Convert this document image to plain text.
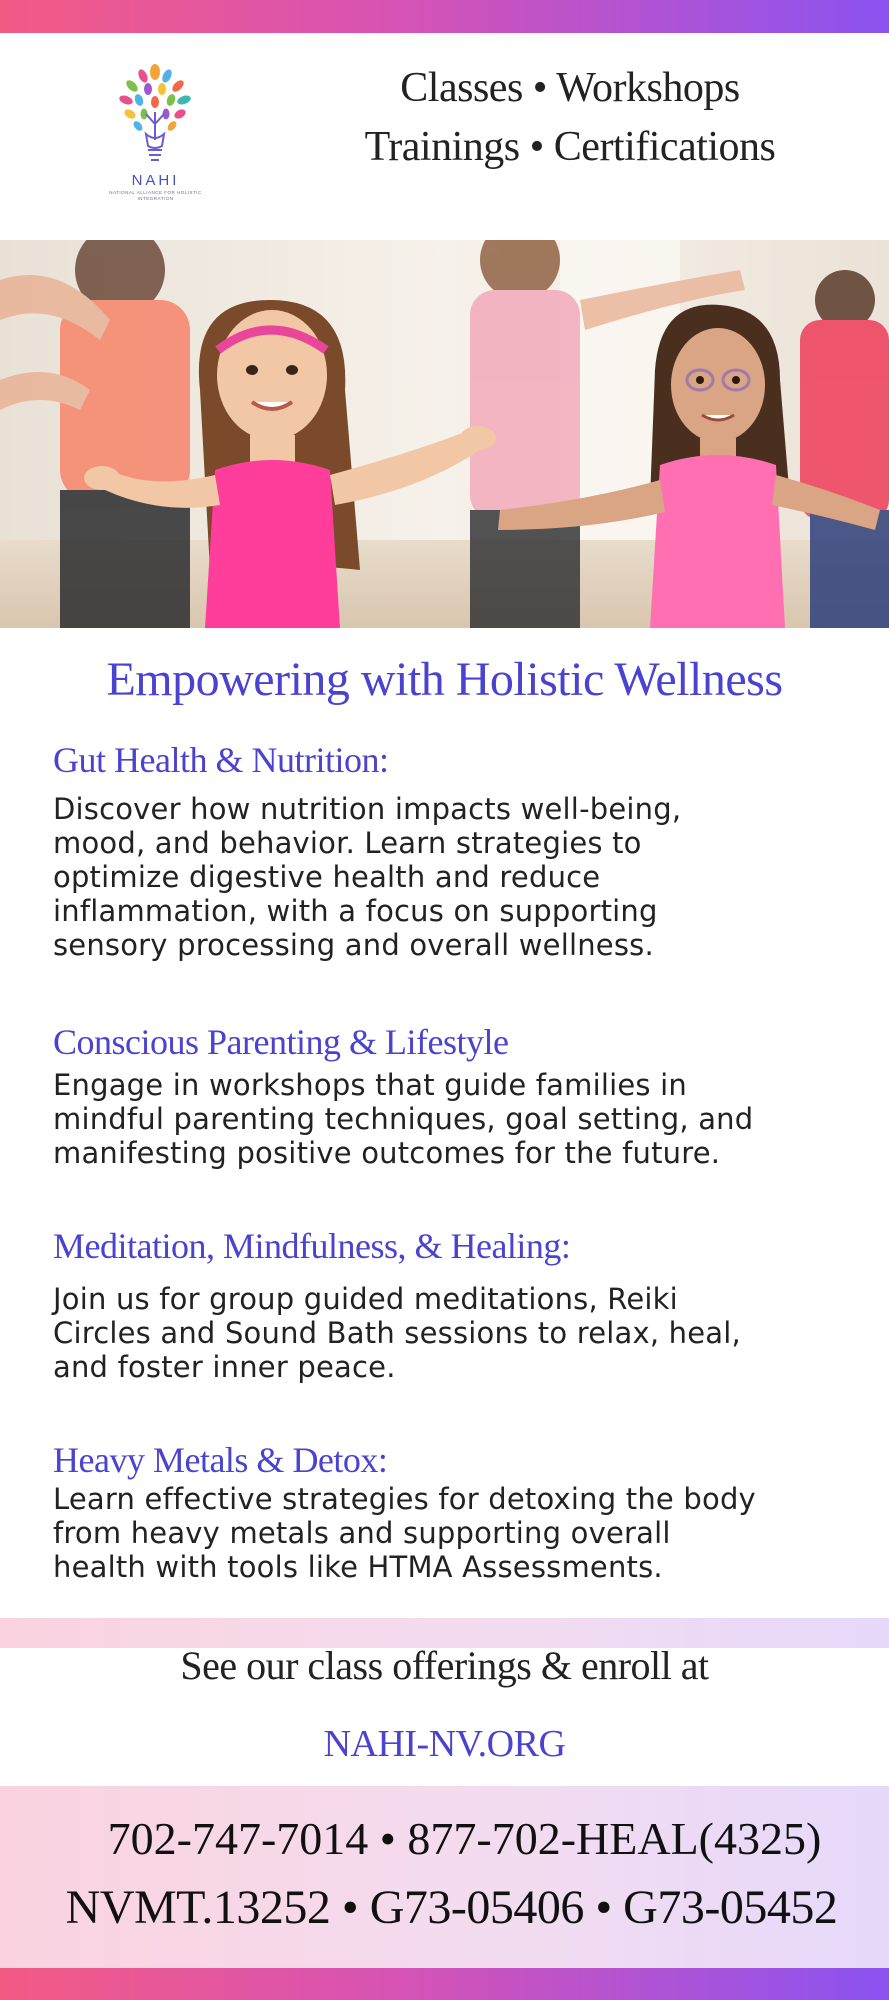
NAHI
NATIONAL ALLIANCE FOR HOLISTIC INTEGRATION
Classes • Workshops
Trainings • Certifications
Empowering with Holistic Wellness
Gut Health & Nutrition:

Discover how nutrition impacts well-being,
mood, and behavior. Learn strategies to
optimize digestive health and reduce
inflammation, with a focus on supporting
sensory processing and overall wellness.

Conscious Parenting & Lifestyle

Engage in workshops that guide families in
mindful parenting techniques, goal setting, and
manifesting positive outcomes for the future.

Meditation, Mindfulness, & Healing:

Join us for group guided meditations, Reiki
Circles and Sound Bath sessions to relax, heal,
and foster inner peace.

Heavy Metals & Detox:

Learn effective strategies for detoxing the body
from heavy metals and supporting overall
health with tools like HTMA Assessments.

See our class offerings & enroll at
NAHI-NV.ORG
702-747-7014 • 877-702-HEAL(4325)
NVMT.13252 • G73-05406 • G73-05452
